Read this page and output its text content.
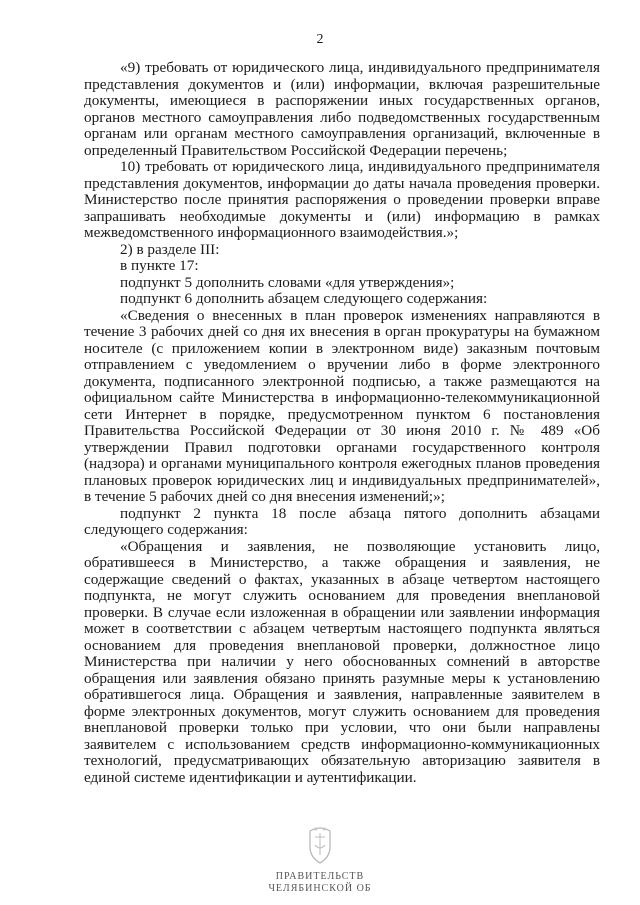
2

«9) требовать от юридического лица, индивидуального предпринимателя представления документов и (или) информации, включая разрешительные документы, имеющиеся в распоряжении иных государственных органов, органов местного самоуправления либо подведомственных государственным органам или органам местного самоуправления организаций, включенные в определенный Правительством Российской Федерации перечень;

10) требовать от юридического лица, индивидуального предпринимателя представления документов, информации до даты начала проведения проверки. Министерство после принятия распоряжения о проведении проверки вправе запрашивать необходимые документы и (или) информацию в рамках межведомственного информационного взаимодействия.»;

2) в разделе III:

в пункте 17:

подпункт 5 дополнить словами «для утверждения»;

подпункт 6 дополнить абзацем следующего содержания:

«Сведения о внесенных в план проверок изменениях направляются в течение 3 рабочих дней со дня их внесения в орган прокуратуры на бумажном носителе (с приложением копии в электронном виде) заказным почтовым отправлением с уведомлением о вручении либо в форме электронного документа, подписанного электронной подписью, а также размещаются на официальном сайте Министерства в информационно-телекоммуникационной сети Интернет в порядке, предусмотренном пунктом 6 постановления Правительства Российской Федерации от 30 июня 2010 г. № 489 «Об утверждении Правил подготовки органами государственного контроля (надзора) и органами муниципального контроля ежегодных планов проведения плановых проверок юридических лиц и индивидуальных предпринимателей», в течение 5 рабочих дней со дня внесения изменений;»;

подпункт 2 пункта 18 после абзаца пятого дополнить абзацами следующего содержания:

«Обращения и заявления, не позволяющие установить лицо, обратившееся в Министерство, а также обращения и заявления, не содержащие сведений о фактах, указанных в абзаце четвертом настоящего подпункта, не могут служить основанием для проведения внеплановой проверки. В случае если изложенная в обращении или заявлении информация может в соответствии с абзацем четвертым настоящего подпункта являться основанием для проведения внеплановой проверки, должностное лицо Министерства при наличии у него обоснованных сомнений в авторстве обращения или заявления обязано принять разумные меры к установлению обратившегося лица. Обращения и заявления, направленные заявителем в форме электронных документов, могут служить основанием для проведения внеплановой проверки только при условии, что они были направлены заявителем с использованием средств информационно-коммуникационных технологий, предусматривающих обязательную авторизацию заявителя в единой системе идентификации и аутентификации.

ПРАВИТЕЛЬСТВ
ЧЕЛЯБИНСКОЙ ОБ
